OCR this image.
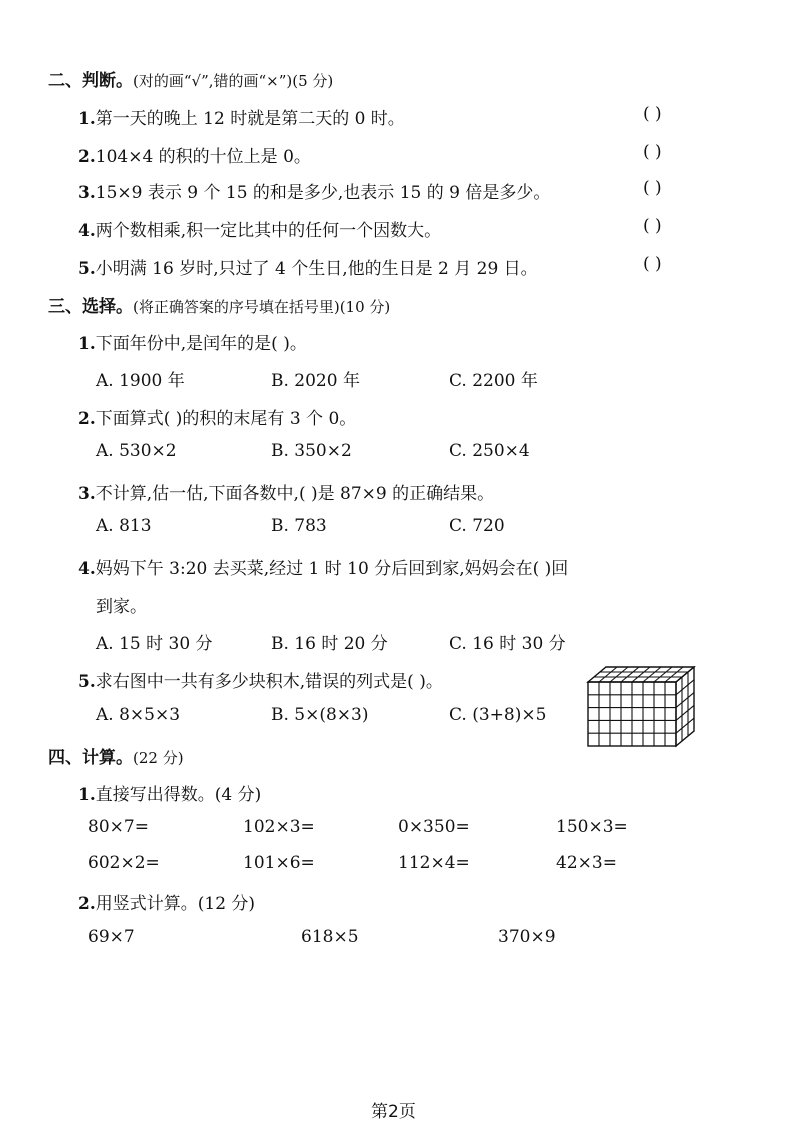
二、判断。(对的画“√”,错的画“×”)(5 分)
1.第一天的晚上 12 时就是第二天的 0 时。	( )
2.104×4 的积的十位上是 0。	( )
3.15×9 表示 9 个 15 的和是多少,也表示 15 的 9 倍是多少。	( )
4.两个数相乘,积一定比其中的任何一个因数大。	( )
5.小明满 16 岁时,只过了 4 个生日,他的生日是 2 月 29 日。	( )
三、选择。(将正确答案的序号填在括号里)(10 分)
1.下面年份中,是闰年的是( )。
A. 1900 年	B. 2020 年	C. 2200 年
2.下面算式( )的积的末尾有 3 个 0。
A. 530×2	B. 350×2	C. 250×4
3.不计算,估一估,下面各数中,( )是 87×9 的正确结果。
A. 813	B. 783	C. 720
4.妈妈下午 3:20 去买菜,经过 1 时 10 分后回到家,妈妈会在( )回
到家。
A. 15 时 30 分	B. 16 时 20 分	C. 16 时 30 分
5.求右图中一共有多少块积木,错误的列式是( )。
A. 8×5×3	B. 5×(8×3)	C. (3+8)×5
四、计算。(22 分)
1.直接写出得数。(4 分)
80×7=	102×3=	0×350=	150×3=
602×2=	101×6=	112×4=	42×3=
2.用竖式计算。(12 分)
69×7	618×5	370×9
第2页
